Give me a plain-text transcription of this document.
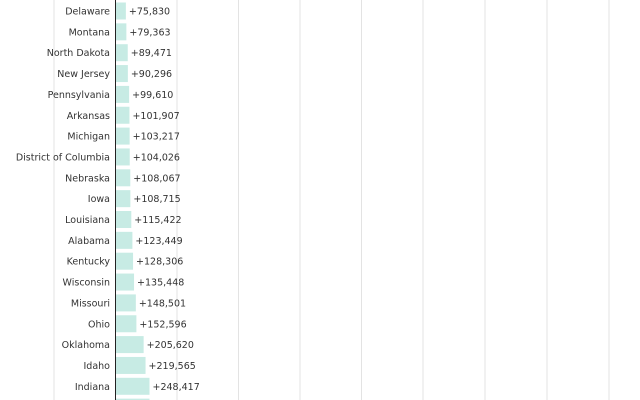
Delaware +75,830
Montana +79,363
North Dakota +89,471
New Jersey +90,296
Pennsylvania +99,610
Arkansas +101,907
Michigan +103,217
District of Columbia +104,026
Nebraska +108,067
Iowa +108,715
Louisiana	+115,422
Alabama	+123,449
Kentucky	+128,306
Wisconsin	+135,448
Missouri	+148,501
Ohio	+152,596
Oklahoma	+205,620
Idaho	+219,565
Indiana	+248,417
